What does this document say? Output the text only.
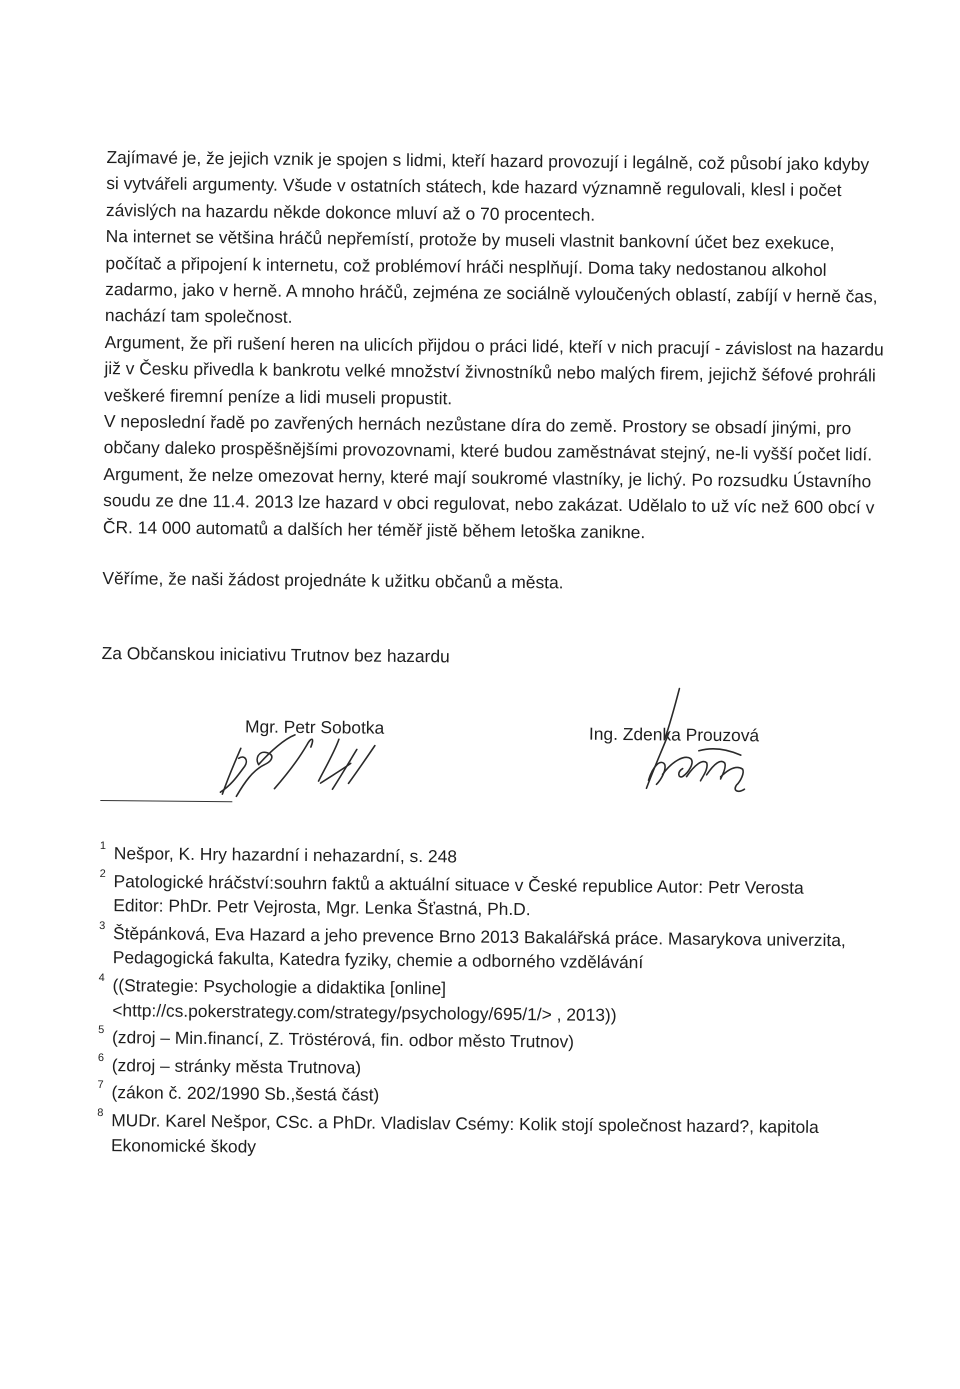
Zajímavé je, že jejich vznik je spojen s lidmi, kteří hazard provozují i legálně, což působí jako kdyby si vytvářeli argumenty. Všude v ostatních státech, kde hazard významně regulovali, klesl i počet závislých na hazardu někde dokonce mluví až o 70 procentech.

Na internet se většina hráčů nepřemístí, protože by museli vlastnit bankovní účet bez exekuce, počítač a připojení k internetu, což problémoví hráči nesplňují. Doma taky nedostanou alkohol zadarmo, jako v herně. A mnoho hráčů, zejména ze sociálně vyloučených oblastí, zabíjí v herně čas, nachází tam společnost.

Argument, že při rušení heren na ulicích přijdou o práci lidé, kteří v nich pracují - závislost na hazardu již v Česku přivedla k bankrotu velké množství živnostníků nebo malých firem, jejichž šéfové prohráli veškeré firemní peníze a lidi museli propustit.

V neposlední řadě po zavřených hernách nezůstane díra do země. Prostory se obsadí jinými, pro občany daleko prospěšnějšími provozovnami, které budou zaměstnávat stejný, ne-li vyšší počet lidí.

Argument, že nelze omezovat herny, které mají soukromé vlastníky, je lichý. Po rozsudku Ústavního soudu ze dne 11.4. 2013 lze hazard v obci regulovat, nebo zakázat. Udělalo to už víc než 600 obcí v ČR. 14 000 automatů a dalších her téměř jistě během letoška zanikne.

Věříme, že naši žádost projednáte k užitku občanů a města.

Za Občanskou iniciativu Trutnov bez hazardu

Mgr. Petr Sobotka	Ing. Zdenka Prouzová

1 Nešpor, K. Hry hazardní i nehazardní, s. 248
2 Patologické hráčství:souhrn faktů a aktuální situace v České republice Autor: Petr Verosta
Editor: PhDr. Petr Vejrosta, Mgr. Lenka Šťastná, Ph.D.
3 Štěpánková, Eva Hazard a jeho prevence Brno 2013 Bakalářská práce. Masarykova univerzita,
Pedagogická fakulta, Katedra fyziky, chemie a odborného vzdělávání
4 ((Strategie: Psychologie a didaktika [online]
<http://cs.pokerstrategy.com/strategy/psychology/695/1/> , 2013))
5 (zdroj – Min.financí, Z. Tröstérová, fin. odbor město Trutnov)
6 (zdroj – stránky města Trutnova)
7 (zákon č. 202/1990 Sb.,šestá část)
8 MUDr. Karel Nešpor, CSc. a PhDr. Vladislav Csémy: Kolik stojí společnost hazard?, kapitola
Ekonomické škody
